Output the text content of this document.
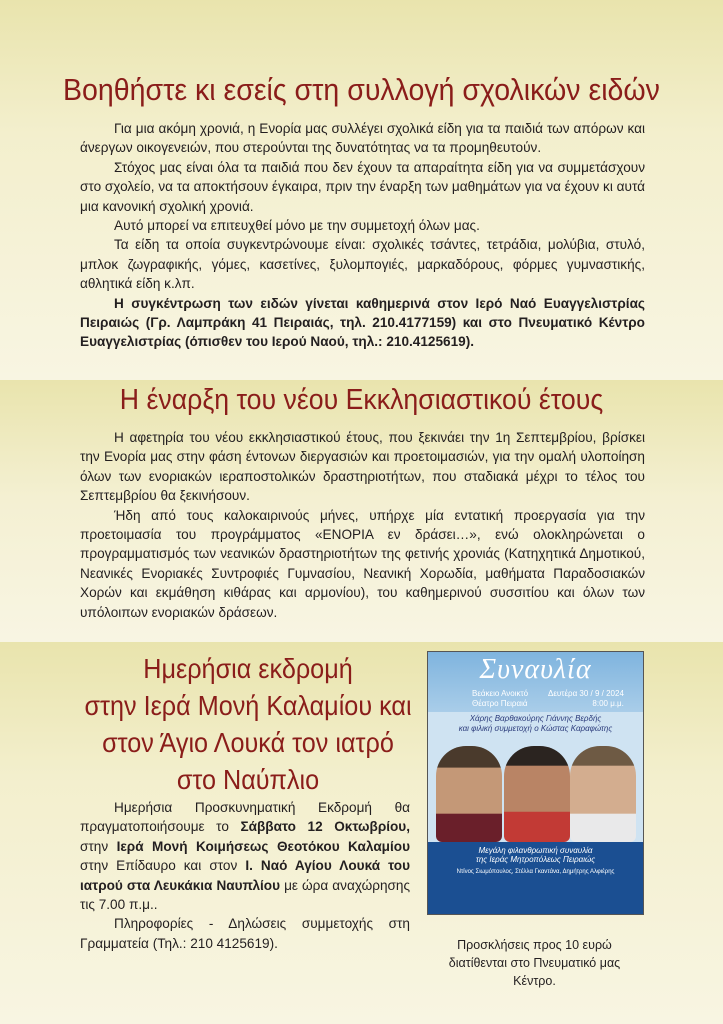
Βοηθήστε κι εσείς στη συλλογή σχολικών ειδών

Για μια ακόμη χρονιά, η Ενορία μας συλλέγει σχολικά είδη για τα παιδιά των απόρων και άνεργων οικογενειών, που στερούνται της δυνατότητας να τα προμηθευτούν.

Στόχος μας είναι όλα τα παιδιά που δεν έχουν τα απαραίτητα είδη για να συμμετάσχουν στο σχολείο, να τα αποκτήσουν έγκαιρα, πριν την έναρξη των μαθημάτων για να έχουν κι αυτά μια κανονική σχολική χρονιά.

Αυτό μπορεί να επιτευχθεί μόνο με την συμμετοχή όλων μας.

Τα είδη τα οποία συγκεντρώνουμε είναι: σχολικές τσάντες, τετράδια, μολύβια, στυλό, μπλοκ ζωγραφικής, γόμες, κασετίνες, ξυλομπογιές, μαρκαδόρους, φόρμες γυμναστικής, αθλητικά είδη κ.λπ.

Η συγκέντρωση των ειδών γίνεται καθημερινά στον Ιερό Ναό Ευαγγελιστρίας Πειραιώς (Γρ. Λαμπράκη 41 Πειραιάς, τηλ. 210.4177159) και στο Πνευματικό Κέντρο Ευαγγελιστρίας (όπισθεν του Ιερού Ναού, τηλ.: 210.4125619).

Η έναρξη του νέου Εκκλησιαστικού έτους

Η αφετηρία του νέου εκκλησιαστικού έτους, που ξεκινάει την 1η Σεπτεμβρίου, βρίσκει την Ενορία μας στην φάση έντονων διεργασιών και προετοιμασιών, για την ομαλή υλοποίηση όλων των ενοριακών ιεραποστολικών δραστηριοτήτων, που σταδιακά μέχρι το τέλος του Σεπτεμβρίου θα ξεκινήσουν.

Ήδη από τους καλοκαιρινούς μήνες, υπήρχε μία εντατική προεργασία για την προετοιμασία του προγράμματος «ΕΝΟΡΙΑ εν δράσει…», ενώ ολοκληρώνεται ο προγραμματισμός των νεανικών δραστηριοτήτων της φετινής χρονιάς (Κατηχητικά Δημοτικού, Νεανικές Ενοριακές Συντροφιές Γυμνασίου, Νεανική Χορωδία, μαθήματα Παραδοσιακών Χορών και εκμάθηση κιθάρας και αρμονίου), του καθημερινού συσσιτίου και όλων των υπόλοιπων ενοριακών δράσεων.

Ημερήσια εκδρομή
στην Ιερά Μονή Καλαμίου και
στον Άγιο Λουκά τον ιατρό
στο Ναύπλιο

Ημερήσια Προσκυνηματική Εκδρομή θα πραγματοποιήσουμε το Σάββατο 12 Οκτωβρίου, στην Ιερά Μονή Κοιμήσεως Θεοτόκου Καλαμίου στην Επίδαυρο και στον Ι. Ναό Αγίου Λουκά του ιατρού στα Λευκάκια Ναυπλίου με ώρα αναχώρησης τις 7.00 π.μ..

Πληροφορίες - Δηλώσεις συμμετοχής στη Γραμματεία (Τηλ.: 210 4125619).

Συναυλία
Βεάκειο Ανοικτό
Θέατρο Πειραιά
Δευτέρα 30 / 9 / 2024
8:00 μ.μ.
Χάρης Βαρθακούρης Γιάννης Βερδής
και φιλική συμμετοχή ο Κώστας Καραφώτης
Μεγάλη φιλανθρωπική συναυλία
της Ιεράς Μητροπόλεως Πειραιώς
Ντίνος Σιωμόπουλος, Στέλλα Γκαντάνα, Δημήτρης Αλφιέρης
Προσκλήσεις προς 10 ευρώ διατίθενται στο Πνευματικό μας Κέντρο.
